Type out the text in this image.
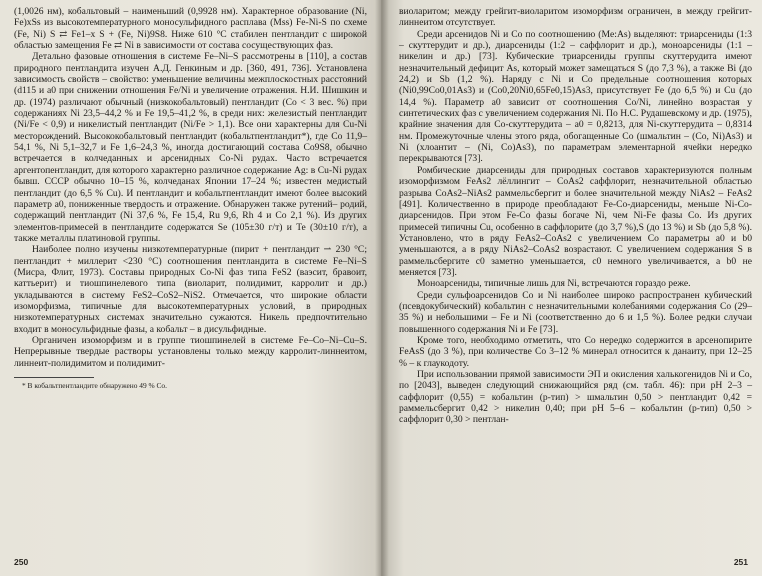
(1,0026 нм), кобальтовый – наименьший (0,9928 нм). Характерное образование (Ni, Fe)xSs из высокотемпературного моносульфидного расплава (Mss) Fe-Ni-S по схеме (Fe, Ni) S ⇄ Fe1–x S + (Fe, Ni)9S8. Ниже 610 °С стабилен пентландит с широкой областью замещения Fe ⇄ Ni в зависимости от состава сосуществующих фаз.

Детально фазовые отношения в системе Fe–Ni–S рассмотрены в [110], а состав природного пентландита изучен А.Д. Генкиным и др. [360, 491, 736]. Установлена зависимость свойств – свойство: уменьшение величины межплоскостных расстояний (d115 и a0 при снижении отношения Fe/Ni и увеличение отражения. Н.И. Шишкин и др. (1974) различают обычный (низкокобальтовый) пентландит (Co < 3 вес. %) при содержаниях Ni 23,5–44,2 % и Fe 19,5–41,2 %, в среди них: железистый пентландит (Ni/Fe < 0,9) и никелистый пентландит (Ni/Fe > 1,1). Все они характерны для Cu-Ni месторождений. Высококобальтовый пентландит (кобальтпентландит*), где Co 11,9–54,1 %, Ni 5,1–32,7 и Fe 1,6–24,3 %, иногда достигающий состава Co9S8, обычно встречается в колчеданных и арсенидных Co-Ni рудах. Часто встречается аргентопентландит, для которого характерно различное содержание Ag: в Cu-Ni рудах бывш. СССР обычно 10–15 %, колчеданах Японии 17–24 %; известен медистый пентландит (до 6,5 % Cu). И пентландит и кобальтпентландит имеют более высокий параметр a0, пониженные твердость и отражение. Обнаружен также рутений– родий, содержащий пентландит (Ni 37,6 %, Fe 15,4, Ru 9,6, Rh 4 и Co 2,1 %). Из других элементов-примесей в пентландите содержатся Se (105±30 г/т) и Te (30±10 г/т), а также металлы платиновой группы.

Наиболее полно изучены низкотемпературные (пирит + пентландит ⇀ 230 °С; пентландит + миллерит <230 °С) соотношения пентландита в системе Fe–Ni–S (Мисра, Флит, 1973). Составы природных Co-Ni фаз типа FeS2 (ваэсит, бравоит, каттьерит) и тиошпинелевого типа (виоларит, полидимит, карролит и др.) укладываются в систему FeS2–CoS2–NiS2. Отмечается, что широкие области изоморфизма, типичные для высокотемпературных условий, в природных низкотемпературных системах значительно сужаются. Никель предпочтительно входит в моносульфидные фазы, а кобальт – в дисульфидные.

Органичен изоморфизм и в группе тиошпинелей в системе Fe–Co–Ni–Cu–S. Непрерывные твердые растворы установлены только между карролит-линнеитом, линнеит-полидимитом и полидимит-

* В кобальтпентландите обнаружено 49 % Co.

250

виоларитом; между грейгит-виоларитом изоморфизм ограничен, в между грейгит-линнеитом отсутствует.

Среди арсенидов Ni и Co по соотношению (Me:As) выделяют: триарсениды (1:3 – скуттерудит и др.), диарсениды (1:2 – саффлорит и др.), моноарсениды (1:1 – никелин и др.) [73]. Кубические триарсениды группы скуттерудита имеют незначительный дефицит As, который может замещаться S (до 7,3 %), а также Bi (до 24,2) и Sb (1,2 %). Наряду с Ni и Co предельные соотношения которых (Ni0,99Co0,01As3) и (Co0,20Ni0,65Fe0,15)As3, присутствует Fe (до 6,5 %) и Cu (до 14,4 %). Параметр a0 зависит от соотношения Co/Ni, линейно возрастая у синтетических фаз с увеличением содержания Ni. По Н.С. Рудашевскому и др. (1975), крайние значения для Co-скуттерудита – a0 = 0,8213, для Ni-скуттерудита – 0,8314 нм. Промежуточные члены этого ряда, обогащенные Co (шмальтин – (Co, Ni)As3) и Ni (хлоантит – (Ni, Co)As3), по параметрам элементарной ячейки нередко перекрываются [73].

Ромбические диарсениды для природных составов характеризуются полным изоморфизмом FeAs2 лёллингит – CoAs2 саффлорит, незначительной областью разрыва CoAs2–NiAs2 раммельсбергит и более значительной между NiAs2 – FeAs2 [491]. Количественно в природе преобладают Fe-Co-диарсениды, меньше Ni-Co-диарсенидов. При этом Fe-Co фазы богаче Ni, чем Ni-Fe фазы Co. Из других примесей типичны Cu, особенно в саффлорите (до 3,7 %),S (до 13 %) и Sb (до 5,8 %). Установлено, что в ряду FeAs2–CoAs2 с увеличением Co параметры a0 и b0 уменьшаются, а в ряду NiAs2–CoAs2 возрастают. С увеличением содержания S в раммельсбергите c0 заметно уменьшается, c0 немного увеличивается, а b0 не меняется [73].

Моноарсениды, типичные лишь для Ni, встречаются гораздо реже.

Среди сульфоарсенидов Co и Ni наиболее широко распространен кубический (псевдокубический) кобальтин с незначительными колебаниями содержания Co (29–35 %) и небольшими – Fe и Ni (соответственно до 6 и 1,5 %). Более редки случаи повышенного содержания Ni и Fe [73].

Кроме того, необходимо отметить, что Co нередко содержится в арсенопирите FeAsS (до 3 %), при количестве Co 3–12 % минерал относится к данаиту, при 12–25 % – к глаукодоту.

При использовании прямой зависимости ЭП и окисления халькогенидов Ni и Co, по [2043], выведен следующий снижающийся ряд (см. табл. 46): при pH 2–3 – саффлорит (0,55) = кобальтин (p-тип) > шмальтин 0,50 > пентландит 0,42 = раммельсбергит 0,42 > никелин 0,40; при pH 5–6 – кобальтин (p-тип) 0,50 > саффлорит 0,30 > пентлан-

251
